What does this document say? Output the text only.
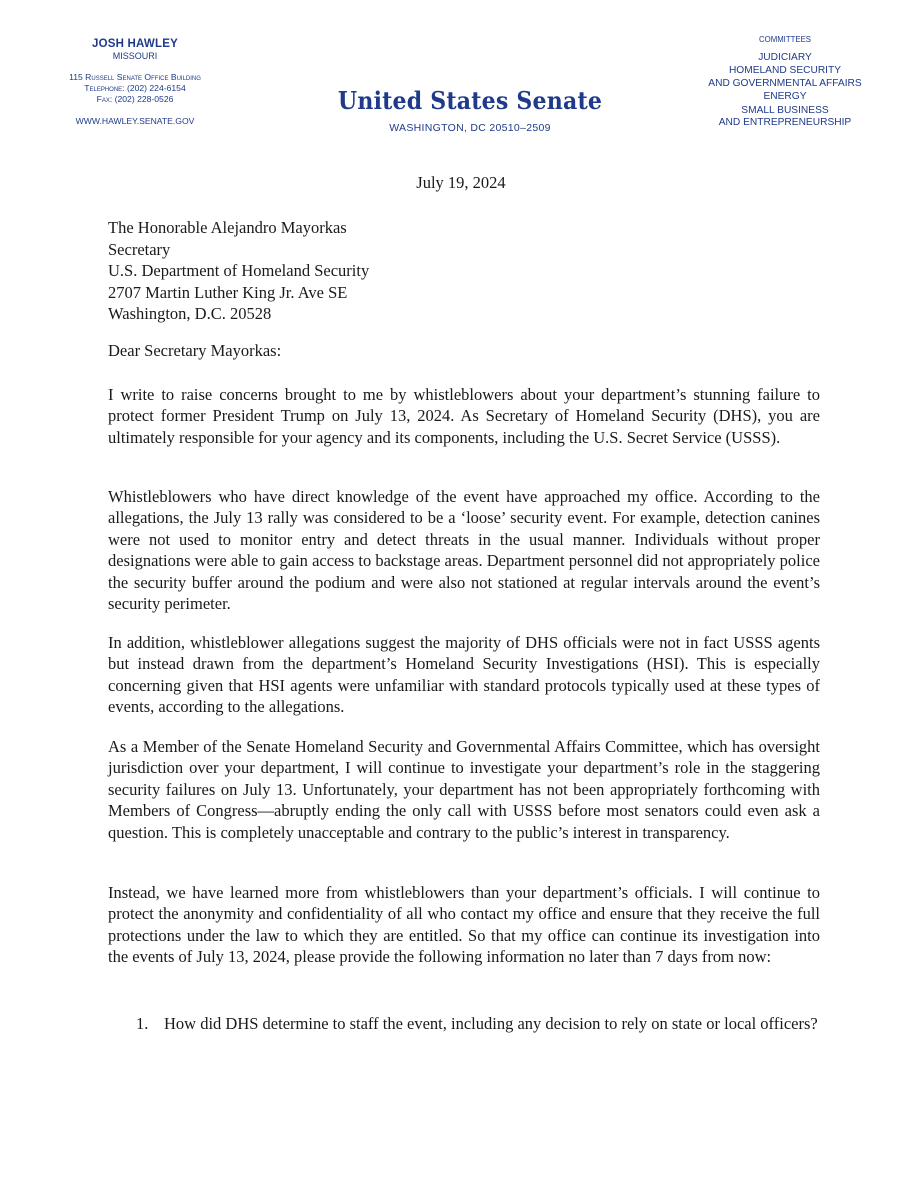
JOSH HAWLEY
MISSOURI
115 Russell Senate Office Building
Telephone: (202) 224-6154
Fax: (202) 228-0526
WWW.HAWLEY.SENATE.GOV
United States Senate
WASHINGTON, DC 20510–2509
COMMITTEES
JUDICIARY
HOMELAND SECURITY
AND GOVERNMENTAL AFFAIRS
ENERGY
SMALL BUSINESS
AND ENTREPRENEURSHIP
July 19, 2024
The Honorable Alejandro Mayorkas
Secretary
U.S. Department of Homeland Security
2707 Martin Luther King Jr. Ave SE
Washington, D.C. 20528
Dear Secretary Mayorkas:
I write to raise concerns brought to me by whistleblowers about your department’s stunning failure to protect former President Trump on July 13, 2024. As Secretary of Homeland Security (DHS), you are ultimately responsible for your agency and its components, including the U.S. Secret Service (USSS).
Whistleblowers who have direct knowledge of the event have approached my office. According to the allegations, the July 13 rally was considered to be a ‘loose’ security event. For example, detection canines were not used to monitor entry and detect threats in the usual manner. Individuals without proper designations were able to gain access to backstage areas. Department personnel did not appropriately police the security buffer around the podium and were also not stationed at regular intervals around the event’s security perimeter.
In addition, whistleblower allegations suggest the majority of DHS officials were not in fact USSS agents but instead drawn from the department’s Homeland Security Investigations (HSI). This is especially concerning given that HSI agents were unfamiliar with standard protocols typically used at these types of events, according to the allegations.
As a Member of the Senate Homeland Security and Governmental Affairs Committee, which has oversight jurisdiction over your department, I will continue to investigate your department’s role in the staggering security failures on July 13. Unfortunately, your department has not been appropriately forthcoming with Members of Congress—abruptly ending the only call with USSS before most senators could even ask a question. This is completely unacceptable and contrary to the public’s interest in transparency.
Instead, we have learned more from whistleblowers than your department’s officials. I will continue to protect the anonymity and confidentiality of all who contact my office and ensure that they receive the full protections under the law to which they are entitled. So that my office can continue its investigation into the events of July 13, 2024, please provide the following information no later than 7 days from now:
1. How did DHS determine to staff the event, including any decision to rely on state or local officers?
